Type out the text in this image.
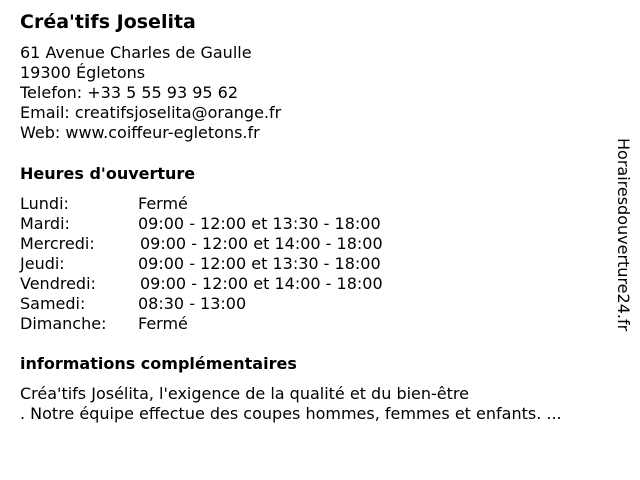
Créa'tifs Joselita
61 Avenue Charles de Gaulle
19300 Égletons
Telefon: +33 5 55 93 95 62
Email: creatifsjoselita@orange.fr
Web: www.coiffeur-egletons.fr
Heures d'ouverture
Lundi:	Fermé
Mardi:	09:00 - 12:00 et 13:30 - 18:00
Mercredi:	09:00 - 12:00 et 14:00 - 18:00
Jeudi:	09:00 - 12:00 et 13:30 - 18:00
Vendredi:	09:00 - 12:00 et 14:00 - 18:00
Samedi:	08:30 - 13:00
Dimanche: Fermé
informations complémentaires
Créa'tifs Josélita, l'exigence de la qualité et du bien-être
. Notre équipe effectue des coupes hommes, femmes et enfants. ...
Horairesdouverture24.fr
